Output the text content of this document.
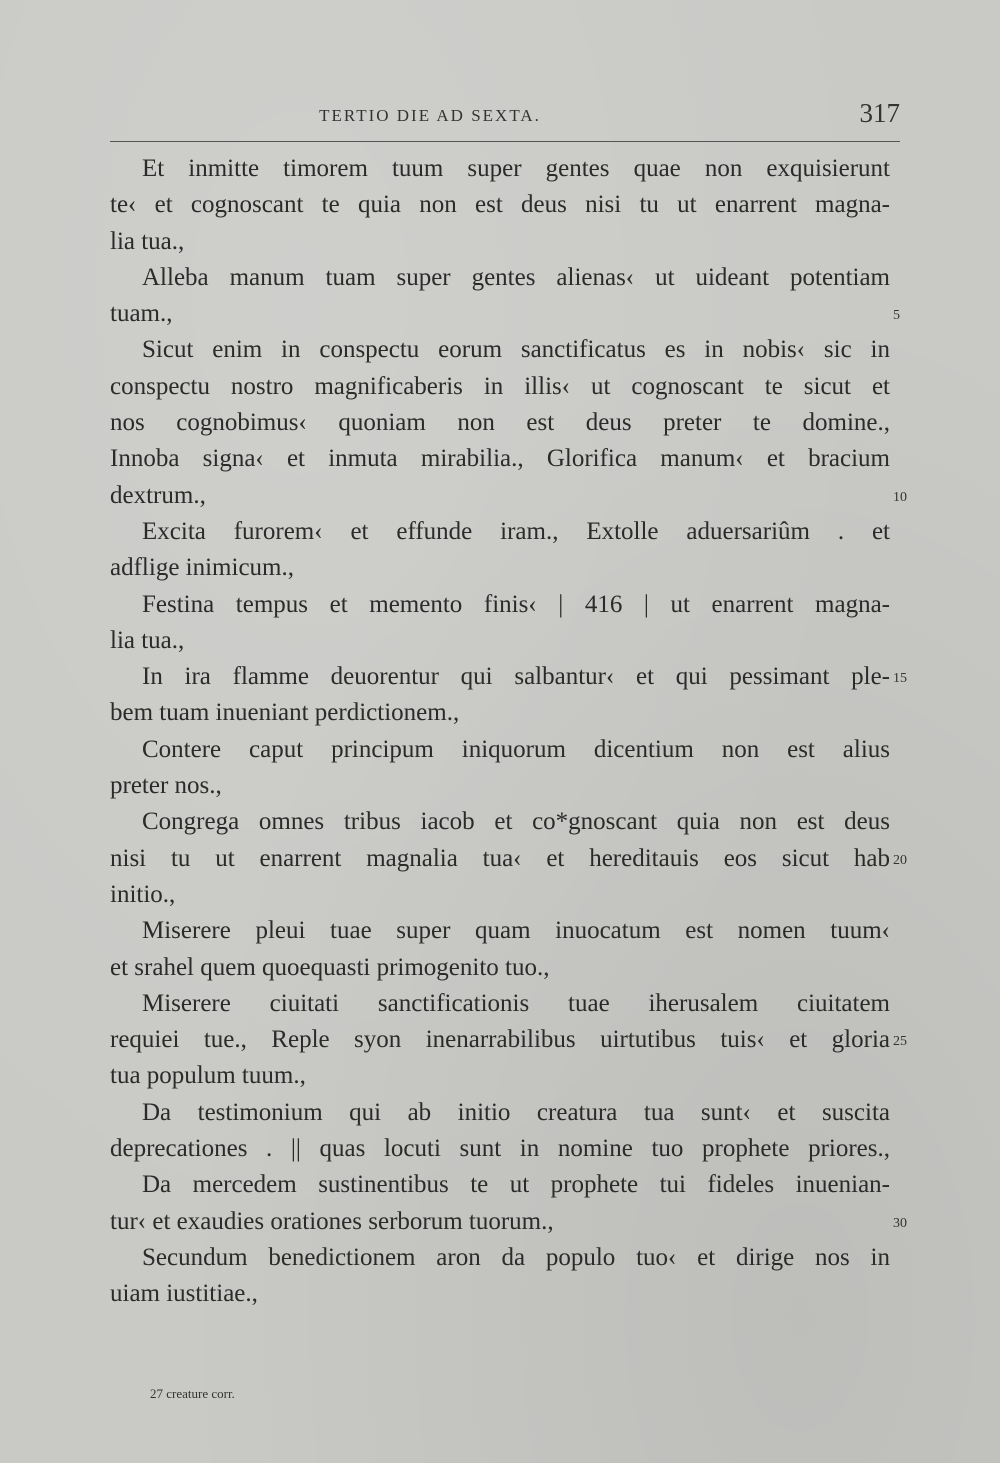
TERTIO DIE AD SEXTA.	317
Et inmitte timorem tuum super gentes quae non exquisierunt
te‹ et cognoscant te quia non est deus nisi tu ut enarrent magna-
lia tua.,
Alleba manum tuam super gentes alienas‹ ut uideant potentiam
tuam.,
Sicut enim in conspectu eorum sanctificatus es in nobis‹ sic in
conspectu nostro magnificaberis in illis‹ ut cognoscant te sicut et
nos cognobimus‹ quoniam non est deus preter te domine.,
Innoba signa‹ et inmuta mirabilia., Glorifica manum‹ et bracium
dextrum.,
Excita furorem‹ et effunde iram., Extolle aduersariûm . et
adflige inimicum.,
Festina tempus et memento finis‹ | 416 | ut enarrent magna-
lia tua.,
In ira flamme deuorentur qui salbantur‹ et qui pessimant ple-
bem tuam inueniant perdictionem.,
Contere caput principum iniquorum dicentium non est alius
preter nos.,
Congrega omnes tribus iacob et co*gnoscant quia non est deus
nisi tu ut enarrent magnalia tua‹ et hereditauis eos sicut hab
initio.,
Miserere pleui tuae super quam inuocatum est nomen tuum‹
et srahel quem quoequasti primogenito tuo.,
Miserere ciuitati sanctificationis tuae iherusalem ciuitatem
requiei tue., Reple syon inenarrabilibus uirtutibus tuis‹ et gloria
tua populum tuum.,
Da testimonium qui ab initio creatura tua sunt‹ et suscita
deprecationes . || quas locuti sunt in nomine tuo prophete priores.,
Da mercedem sustinentibus te ut prophete tui fideles inuenian-
tur‹ et exaudies orationes serborum tuorum.,
Secundum benedictionem aron da populo tuo‹ et dirige nos in
uiam iustitiae.,
5
10
15
20
25
30
27 creature corr.
